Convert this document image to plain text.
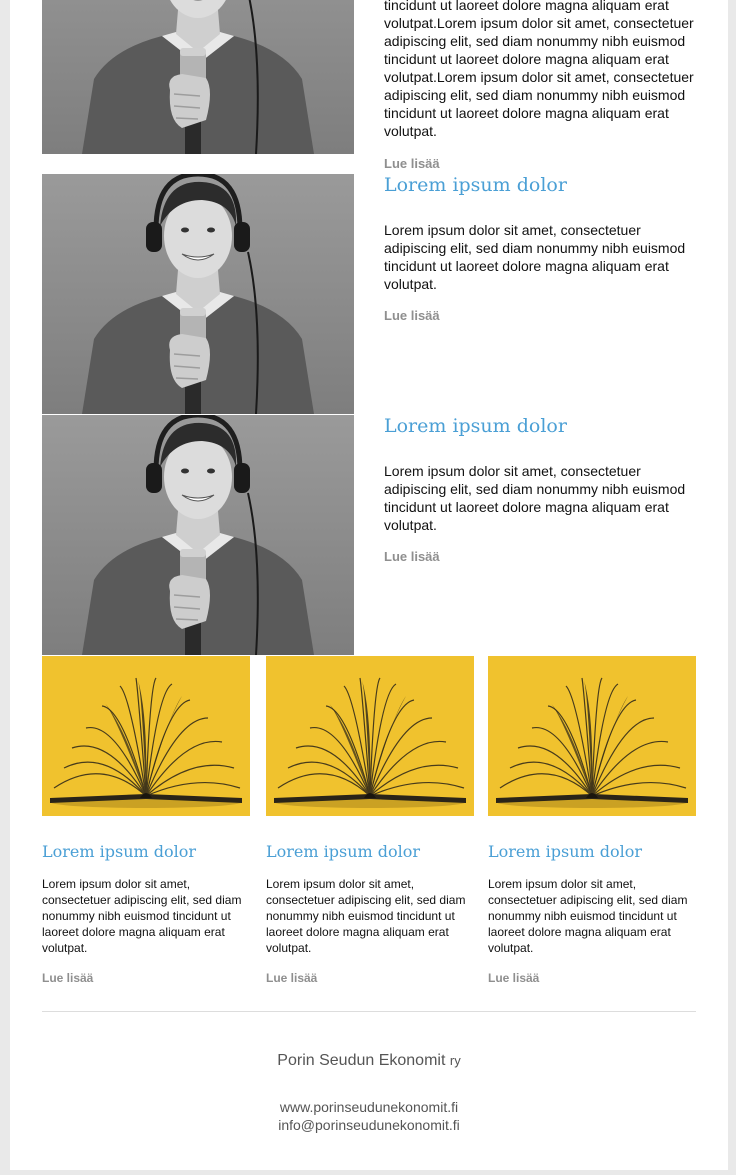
tincidunt ut laoreet dolore magna aliquam erat volutpat.Lorem ipsum dolor sit amet, consectetuer adipiscing elit, sed diam nonummy nibh euismod tincidunt ut laoreet dolore magna aliquam erat volutpat.Lorem ipsum dolor sit amet, consectetuer adipiscing elit, sed diam nonummy nibh euismod tincidunt ut laoreet dolore magna aliquam erat volutpat.
Lue lisää
Lorem ipsum dolor
Lorem ipsum dolor sit amet, consectetuer adipiscing elit, sed diam nonummy nibh euismod tincidunt ut laoreet dolore magna aliquam erat volutpat.
Lue lisää
Lorem ipsum dolor
Lorem ipsum dolor sit amet, consectetuer adipiscing elit, sed diam nonummy nibh euismod tincidunt ut laoreet dolore magna aliquam erat volutpat.
Lue lisää
Lorem ipsum dolor
Lorem ipsum dolor sit amet, consectetuer adipiscing elit, sed diam nonummy nibh euismod tincidunt ut laoreet dolore magna aliquam erat volutpat.
Lue lisää
Lorem ipsum dolor
Lorem ipsum dolor sit amet, consectetuer adipiscing elit, sed diam nonummy nibh euismod tincidunt ut laoreet dolore magna aliquam erat volutpat.
Lue lisää
Lorem ipsum dolor
Lorem ipsum dolor sit amet, consectetuer adipiscing elit, sed diam nonummy nibh euismod tincidunt ut laoreet dolore magna aliquam erat volutpat.
Lue lisää
Porin Seudun Ekonomit ry
www.porinseudunekonomit.fi
info@porinseudunekonomit.fi
